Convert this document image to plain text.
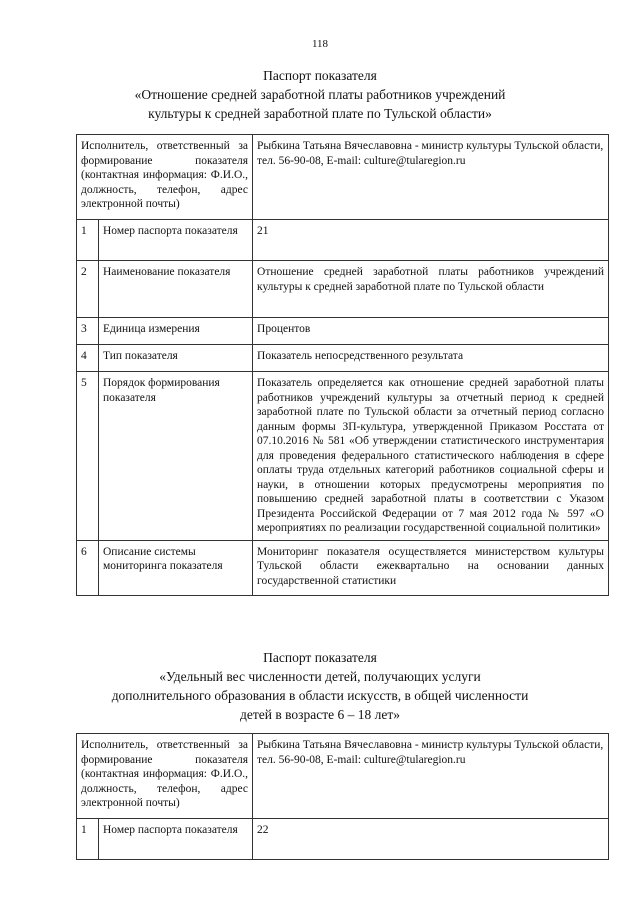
118
Паспорт показателя
«Отношение средней заработной платы работников учреждений
культуры к средней заработной плате по Тульской области»
Исполнитель, ответственный за формирование показателя (контактная информация: Ф.И.О., должность, телефон, адрес электронной почты)		Рыбкина Татьяна Вячеславовна - министр культуры Тульской области, тел. 56-90-08, E-mail: culture@tularegion.ru
1	Номер паспорта показателя	21
2	Наименование показателя	Отношение средней заработной платы работников учреждений культуры к средней заработной плате по Тульской области
3	Единица измерения	Процентов
4	Тип показателя	Показатель непосредственного результата
5	Порядок формирования показателя	Показатель определяется как отношение средней заработной платы работников учреждений культуры за отчетный период к средней заработной плате по Тульской области за отчетный период согласно данным формы ЗП-культура, утвержденной Приказом Росстата от 07.10.2016 № 581 «Об утверждении статистического инструментария для проведения федерального статистического наблюдения в сфере оплаты труда отдельных категорий работников социальной сферы и науки, в отношении которых предусмотрены мероприятия по повышению средней заработной платы в соответствии с Указом Президента Российской Федерации от 7 мая 2012 года № 597 «О мероприятиях по реализации государственной социальной политики»
6	Описание системы мониторинга показателя	Мониторинг показателя осуществляется министерством культуры Тульской области ежеквартально на основании данных государственной статистики
Паспорт показателя
«Удельный вес численности детей, получающих услуги
дополнительного образования в области искусств, в общей численности
детей в возрасте 6 – 18 лет»
Исполнитель, ответственный за формирование показателя (контактная информация: Ф.И.О., должность, телефон, адрес электронной почты)		Рыбкина Татьяна Вячеславовна - министр культуры Тульской области, тел. 56-90-08, E-mail: culture@tularegion.ru
1	Номер паспорта показателя	22
